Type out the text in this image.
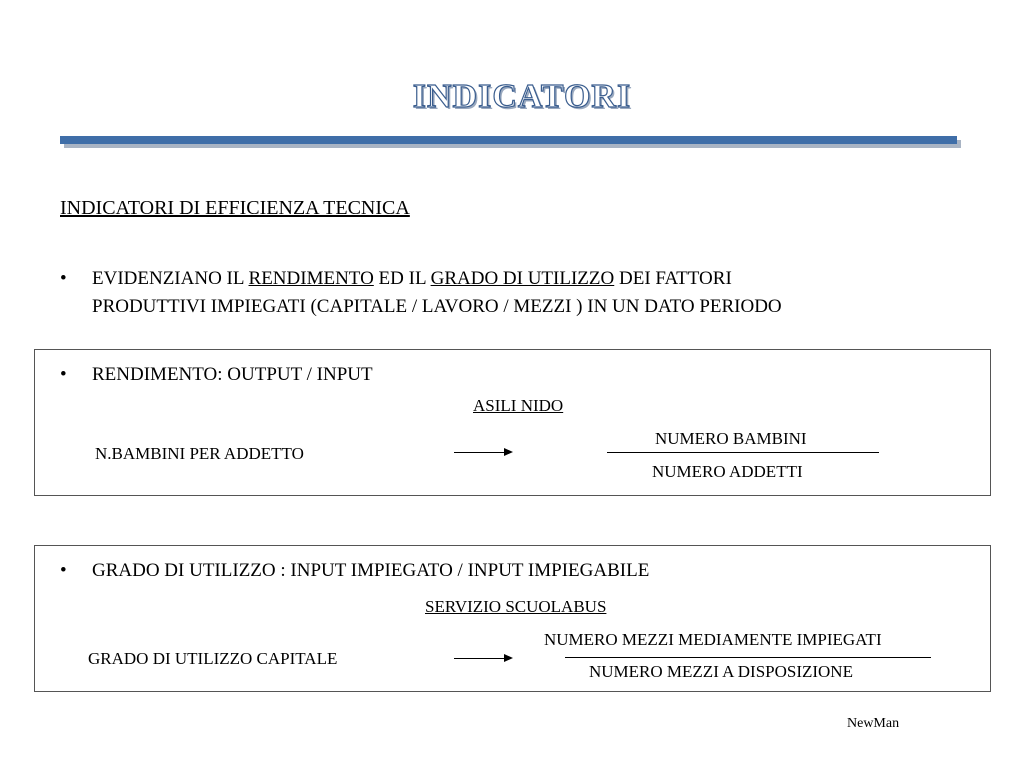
INDICATORI
INDICATORI DI EFFICIENZA TECNICA
• EVIDENZIANO IL RENDIMENTO ED IL GRADO DI UTILIZZO DEI FATTORI
PRODUTTIVI IMPIEGATI (CAPITALE / LAVORO / MEZZI ) IN UN DATO PERIODO
• RENDIMENTO: OUTPUT / INPUT
ASILI NIDO
N.BAMBINI PER ADDETTO
NUMERO BAMBINI
NUMERO ADDETTI
• GRADO DI UTILIZZO : INPUT IMPIEGATO / INPUT IMPIEGABILE
SERVIZIO SCUOLABUS
GRADO DI UTILIZZO CAPITALE
NUMERO MEZZI MEDIAMENTE IMPIEGATI
NUMERO MEZZI A DISPOSIZIONE
NewMan
